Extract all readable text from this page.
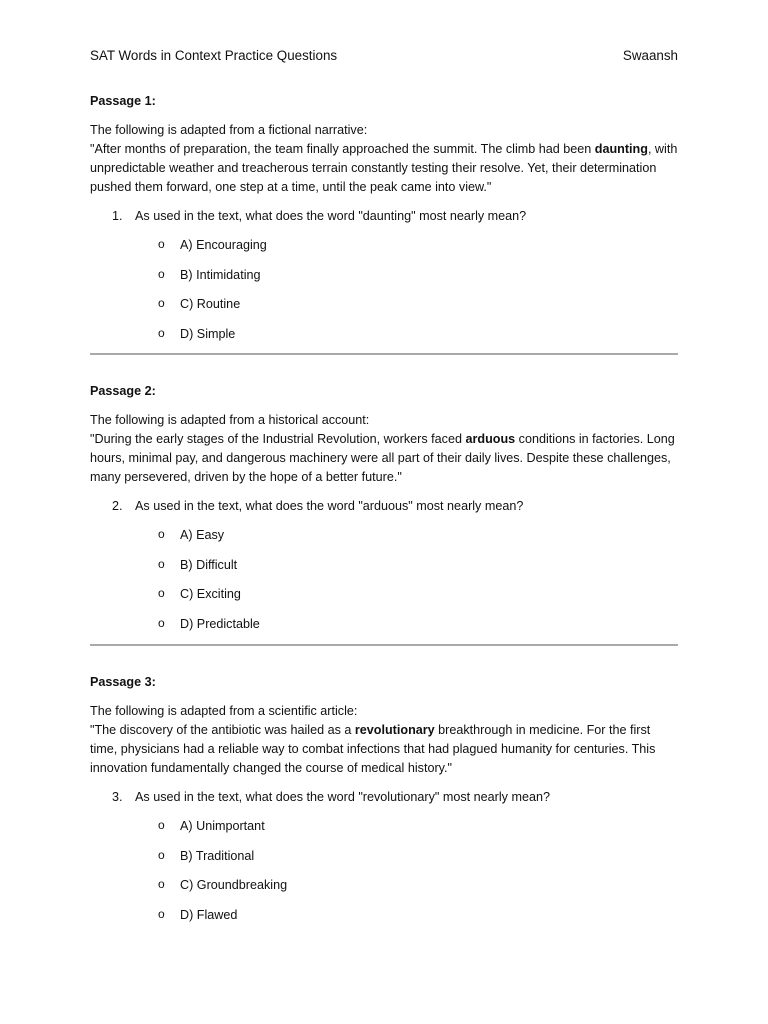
SAT Words in Context Practice Questions	Swaansh
Passage 1:
The following is adapted from a fictional narrative:
"After months of preparation, the team finally approached the summit. The climb had been daunting, with unpredictable weather and treacherous terrain constantly testing their resolve. Yet, their determination pushed them forward, one step at a time, until the peak came into view."
1. As used in the text, what does the word "daunting" most nearly mean?
o A) Encouraging
o B) Intimidating
o C) Routine
o D) Simple
Passage 2:
The following is adapted from a historical account:
"During the early stages of the Industrial Revolution, workers faced arduous conditions in factories. Long hours, minimal pay, and dangerous machinery were all part of their daily lives. Despite these challenges, many persevered, driven by the hope of a better future."
2. As used in the text, what does the word "arduous" most nearly mean?
o A) Easy
o B) Difficult
o C) Exciting
o D) Predictable
Passage 3:
The following is adapted from a scientific article:
"The discovery of the antibiotic was hailed as a revolutionary breakthrough in medicine. For the first time, physicians had a reliable way to combat infections that had plagued humanity for centuries. This innovation fundamentally changed the course of medical history."
3. As used in the text, what does the word "revolutionary" most nearly mean?
o A) Unimportant
o B) Traditional
o C) Groundbreaking
o D) Flawed
